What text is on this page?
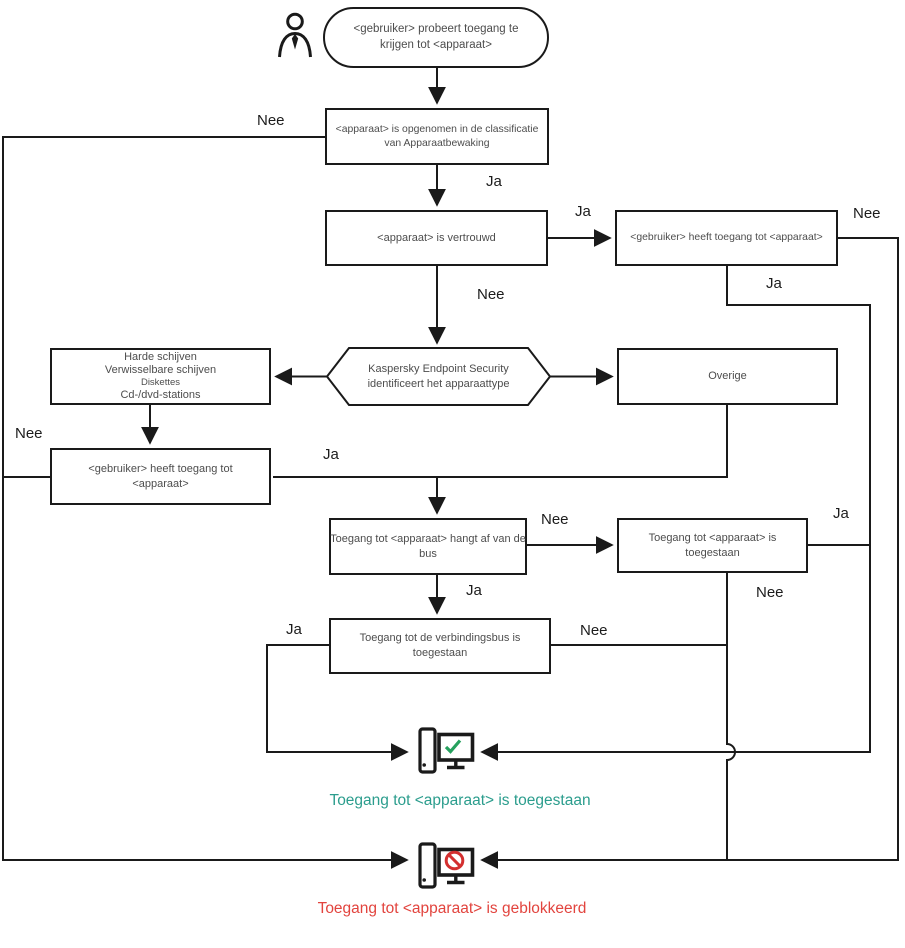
<gebruiker> probeert toegang te
krijgen tot <apparaat>
<apparaat> is opgenomen in de classificatie
van Apparaatbewaking
<apparaat> is vertrouwd	<gebruiker> heeft toegang tot <apparaat>
Harde schijven
Verwisselbare schijven
Diskettes
Cd-/dvd-stations
Kaspersky Endpoint Security
identificeert het apparaattype
Overige
<gebruiker> heeft toegang tot
<apparaat>
Toegang tot <apparaat> hangt af van de
bus
Toegang tot <apparaat> is
toegestaan
Toegang tot de verbindingsbus is
toegestaan
Nee
Ja
Ja	Nee
Ja
Nee
Nee
Ja
Nee	Ja
Nee
Ja
Ja	Nee
Toegang tot <apparaat> is toegestaan
Toegang tot <apparaat> is geblokkeerd
